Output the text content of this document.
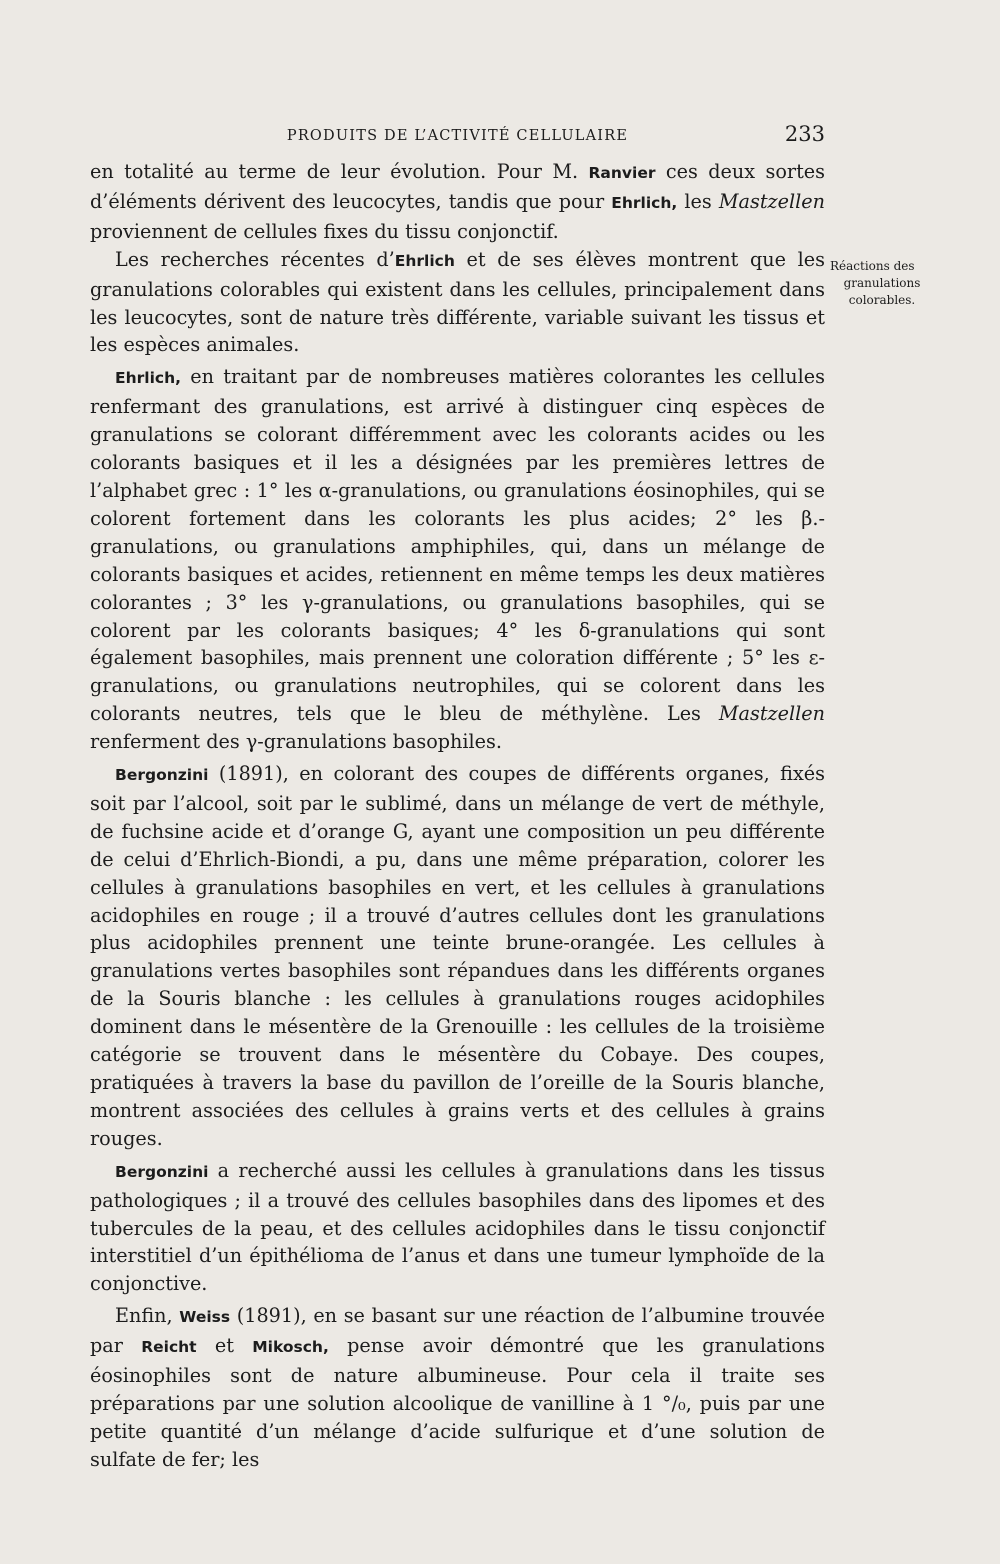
PRODUITS DE L’ACTIVITÉ CELLULAIRE	233

en totalité au terme de leur évolution. Pour M. Ranvier ces deux sortes d’éléments dérivent des leucocytes, tandis que pour Ehrlich, les Mastzellen proviennent de cellules fixes du tissu conjonctif.

Les recherches récentes d’Ehrlich et de ses élèves montrent que les granulations colorables qui existent dans les cellules, principalement dans les leucocytes, sont de nature très différente, variable suivant les tissus et les espèces animales.

Ehrlich, en traitant par de nombreuses matières colorantes les cellules renfermant des granulations, est arrivé à distinguer cinq espèces de granulations se colorant différemment avec les colorants acides ou les colorants basiques et il les a désignées par les premières lettres de l’alphabet grec : 1° les α-granulations, ou granulations éosinophiles, qui se colorent fortement dans les colorants les plus acides; 2° les β.-granulations, ou granulations amphiphiles, qui, dans un mélange de colorants basiques et acides, retiennent en même temps les deux matières colorantes ; 3° les γ-granulations, ou granulations basophiles, qui se colorent par les colorants basiques; 4° les δ-granulations qui sont également basophiles, mais prennent une coloration différente ; 5° les ε-granulations, ou granulations neutrophiles, qui se colorent dans les colorants neutres, tels que le bleu de méthylène. Les Mastzellen renferment des γ-granulations basophiles.

Bergonzini (1891), en colorant des coupes de différents organes, fixés soit par l’alcool, soit par le sublimé, dans un mélange de vert de méthyle, de fuchsine acide et d’orange G, ayant une composition un peu différente de celui d’Ehrlich-Biondi, a pu, dans une même préparation, colorer les cellules à granulations basophiles en vert, et les cellules à granulations acidophiles en rouge ; il a trouvé d’autres cellules dont les granulations plus acidophiles prennent une teinte brune-orangée. Les cellules à granulations vertes basophiles sont répandues dans les différents organes de la Souris blanche : les cellules à granulations rouges acidophiles dominent dans le mésentère de la Grenouille : les cellules de la troisième catégorie se trouvent dans le mésentère du Cobaye. Des coupes, pratiquées à travers la base du pavillon de l’oreille de la Souris blanche, montrent associées des cellules à grains verts et des cellules à grains rouges.

Bergonzini a recherché aussi les cellules à granulations dans les tissus pathologiques ; il a trouvé des cellules basophiles dans des lipomes et des tubercules de la peau, et des cellules acidophiles dans le tissu conjonctif interstitiel d’un épithélioma de l’anus et dans une tumeur lymphoïde de la conjonctive.

Enfin, Weiss (1891), en se basant sur une réaction de l’albumine trouvée par Reicht et Mikosch, pense avoir démontré que les granulations éosinophiles sont de nature albumineuse. Pour cela il traite ses préparations par une solution alcoolique de vanilline à 1 °/₀, puis par une petite quantité d’un mélange d’acide sulfurique et d’une solution de sulfate de fer; les

Réactions des
granulations
colorables.
